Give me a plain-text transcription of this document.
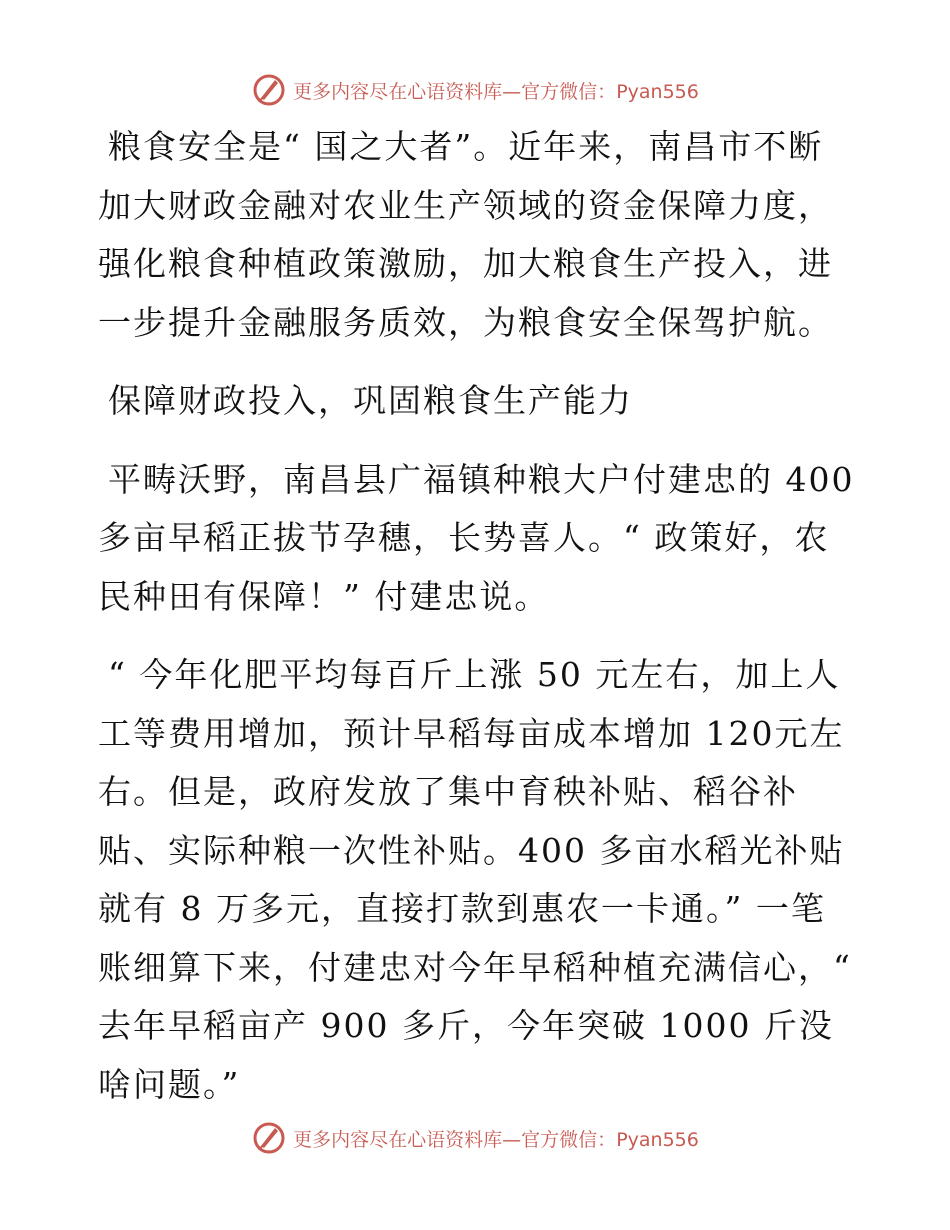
更多内容尽在心语资料库—官方微信：Pyan556

粮食安全是“ 国之大者”。近年来，南昌市不断加大财政金融对农业生产领域的资金保障力度，强化粮食种植政策激励，加大粮食生产投入，进一步提升金融服务质效，为粮食安全保驾护航。

保障财政投入，巩固粮食生产能力

平畴沃野，南昌县广福镇种粮大户付建忠的 400 多亩早稻正拔节孕穗，长势喜人。“ 政策好，农民种田有保障！” 付建忠说。

“ 今年化肥平均每百斤上涨 50 元左右，加上人工等费用增加，预计早稻每亩成本增加 120元左右。但是，政府发放了集中育秧补贴、稻谷补贴、实际种粮一次性补贴。400 多亩水稻光补贴就有 8 万多元，直接打款到惠农一卡通。” 一笔账细算下来，付建忠对今年早稻种植充满信心，“ 去年早稻亩产 900 多斤，今年突破 1000 斤没啥问题。”

更多内容尽在心语资料库—官方微信：Pyan556
